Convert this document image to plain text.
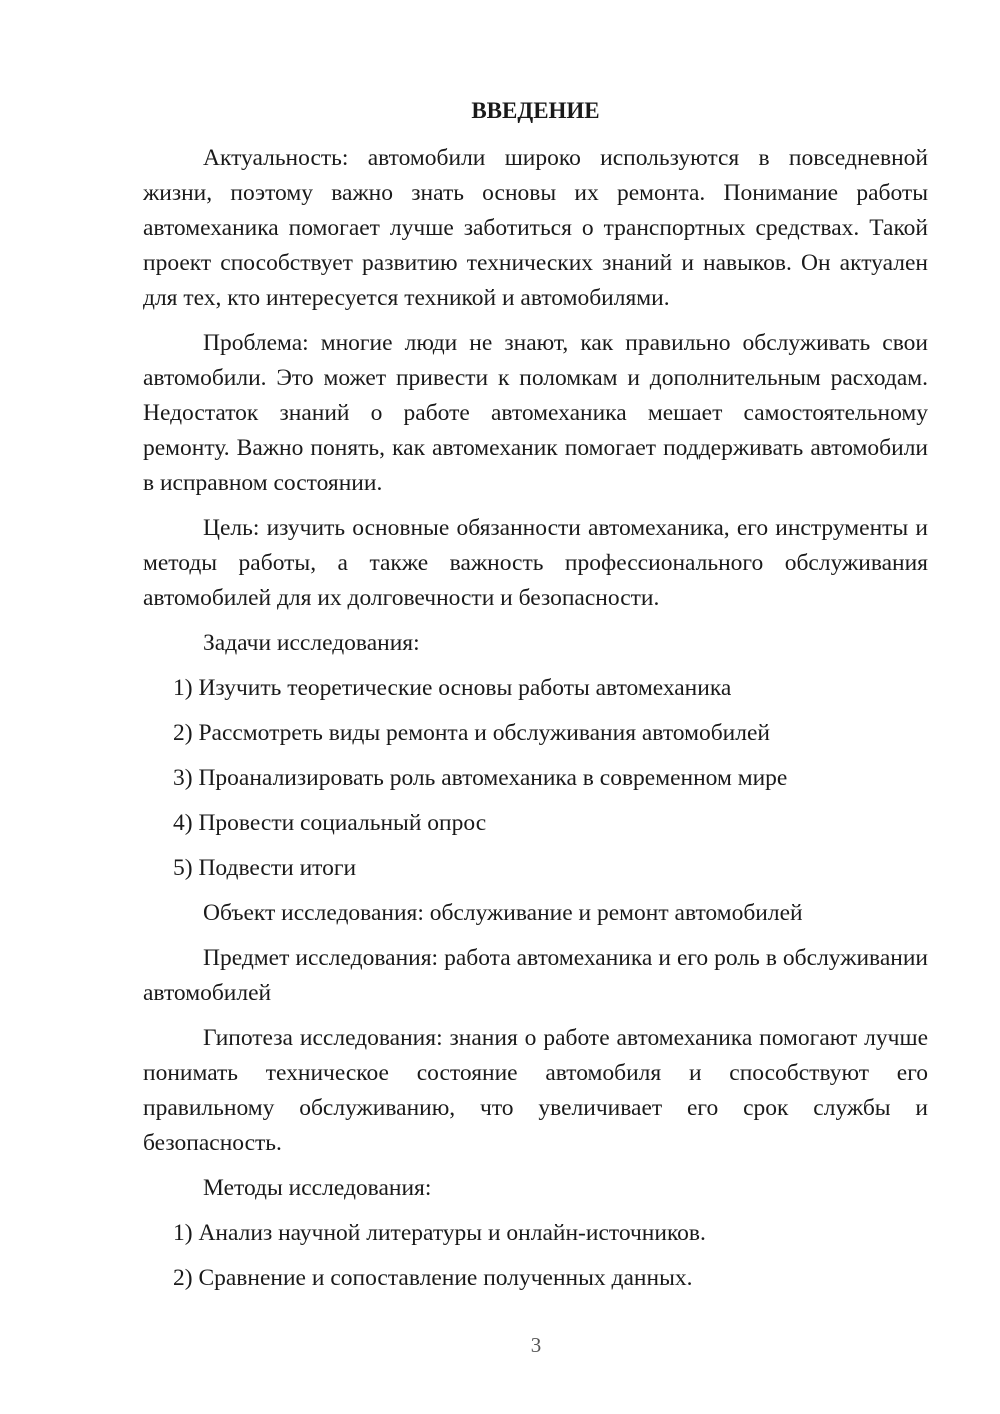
ВВЕДЕНИЕ

Актуальность: автомобили широко используются в повседневной жизни, поэтому важно знать основы их ремонта. Понимание работы автомеханика помогает лучше заботиться о транспортных средствах. Такой проект способствует развитию технических знаний и навыков. Он актуален для тех, кто интересуется техникой и автомобилями.

Проблема: многие люди не знают, как правильно обслуживать свои автомобили. Это может привести к поломкам и дополнительным расходам. Недостаток знаний о работе автомеханика мешает самостоятельному ремонту. Важно понять, как автомеханик помогает поддерживать автомобили в исправном состоянии.

Цель: изучить основные обязанности автомеханика, его инструменты и методы работы, а также важность профессионального обслуживания автомобилей для их долговечности и безопасности.

Задачи исследования:

1) Изучить теоретические основы работы автомеханика
2) Рассмотреть виды ремонта и обслуживания автомобилей
3) Проанализировать роль автомеханика в современном мире
4) Провести социальный опрос
5) Подвести итоги

Объект исследования: обслуживание и ремонт автомобилей

Предмет исследования: работа автомеханика и его роль в обслуживании автомобилей

Гипотеза исследования: знания о работе автомеханика помогают лучше понимать техническое состояние автомобиля и способствуют его правильному обслуживанию, что увеличивает его срок службы и безопасность.

Методы исследования:

1) Анализ научной литературы и онлайн-источников.
2) Сравнение и сопоставление полученных данных.
3
